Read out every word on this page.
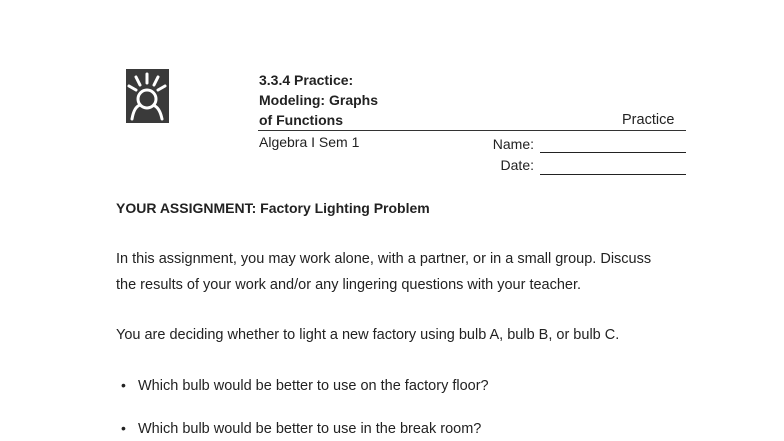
3.3.4 Practice:
Modeling: Graphs
of Functions	Practice
Algebra I Sem 1	Name:
Date:
YOUR ASSIGNMENT: Factory Lighting Problem
In this assignment, you may work alone, with a partner, or in a small group. Discuss
the results of your work and/or any lingering questions with your teacher.
You are deciding whether to light a new factory using bulb A, bulb B, or bulb C.
• Which bulb would be better to use on the factory floor?
• Which bulb would be better to use in the break room?
